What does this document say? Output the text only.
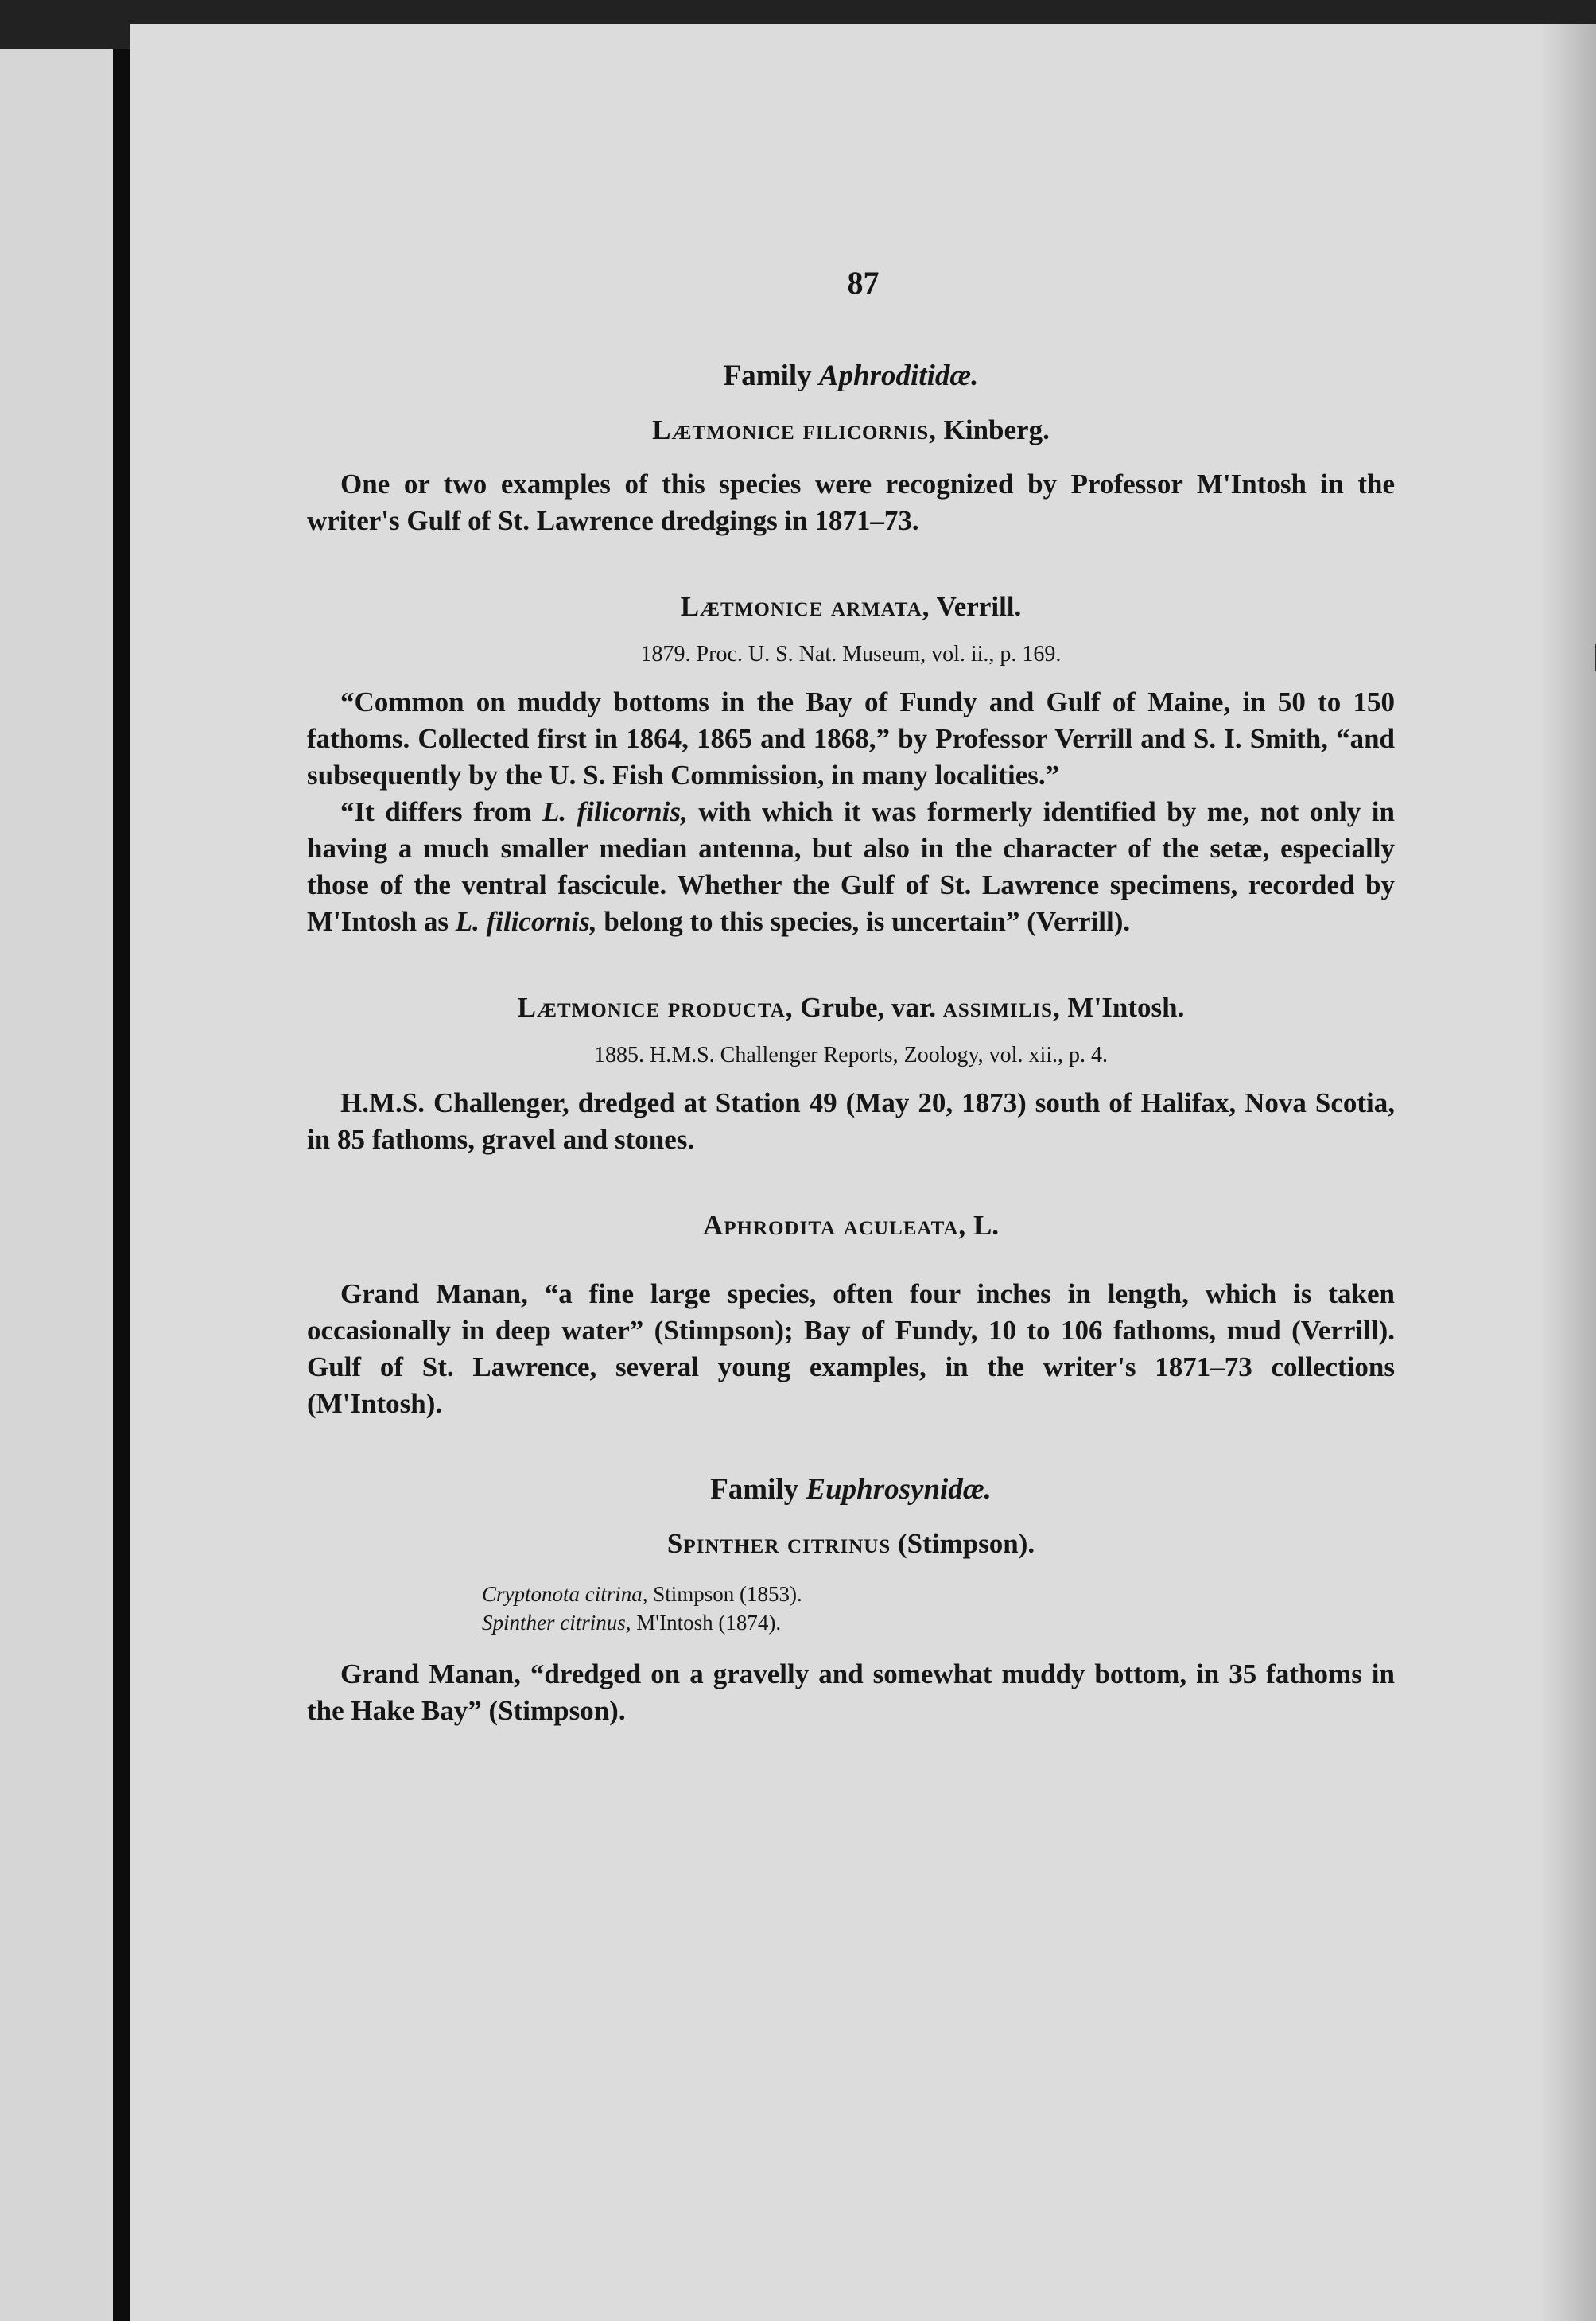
87
Family Aphroditidæ.
Lætmonice filicornis, Kinberg.

One or two examples of this species were recognized by Professor M'Intosh in the writer's Gulf of St. Lawrence dredgings in 1871–73.

Lætmonice armata, Verrill.
1879. Proc. U. S. Nat. Museum, vol. ii., p. 169.

“Common on muddy bottoms in the Bay of Fundy and Gulf of Maine, in 50 to 150 fathoms. Collected first in 1864, 1865 and 1868,” by Professor Verrill and S. I. Smith, “and subsequently by the U. S. Fish Commission, in many localities.”

“It differs from L. filicornis, with which it was formerly identified by me, not only in having a much smaller median antenna, but also in the character of the setæ, especially those of the ventral fascicule. Whether the Gulf of St. Lawrence specimens, recorded by M'Intosh as L. filicornis, belong to this species, is uncertain” (Verrill).

Lætmonice producta, Grube, var. assimilis, M'Intosh.
1885. H.M.S. Challenger Reports, Zoology, vol. xii., p. 4.

H.M.S. Challenger, dredged at Station 49 (May 20, 1873) south of Halifax, Nova Scotia, in 85 fathoms, gravel and stones.

Aphrodita aculeata, L.

Grand Manan, “a fine large species, often four inches in length, which is taken occasionally in deep water” (Stimpson); Bay of Fundy, 10 to 106 fathoms, mud (Verrill). Gulf of St. Lawrence, several young examples, in the writer's 1871–73 collections (M'Intosh).

Family Euphrosynidæ.
Spinther citrinus (Stimpson).
Cryptonota citrina, Stimpson (1853).
Spinther citrinus, M'Intosh (1874).

Grand Manan, “dredged on a gravelly and somewhat muddy bottom, in 35 fathoms in the Hake Bay” (Stimpson).
